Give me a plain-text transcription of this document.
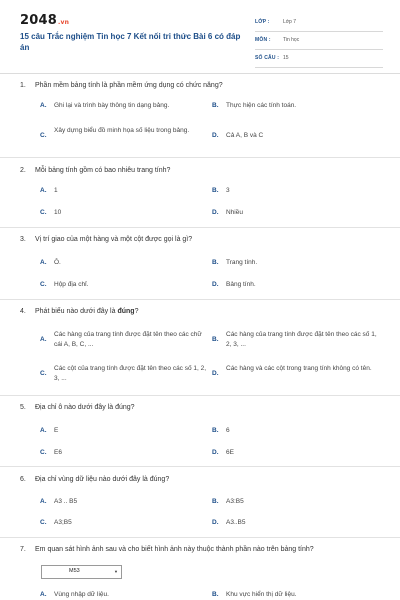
2048.vn
15 câu Trắc nghiệm Tin học 7 Kết nối tri thức Bài 6 có đáp án
LỚP :	Lớp 7
MÔN : Tin học
SỐ CÂU : 15
1. Phần mềm bảng tính là phần mềm ứng dụng có chức năng?
A. Ghi lại và trình bày thông tin dạng bảng.	B. Thực hiện các tính toán.
C.
Xây dựng biểu đồ minh họa số liệu trong bảng.
D. Cả A, B và C
2. Mỗi bảng tính gồm có bao nhiêu trang tính?
A. 1	B. 3
C. 10	D. Nhiều
3. Vị trí giao của một hàng và một cột được gọi là gì?
A. Ô.	B. Trang tính.
C. Hộp địa chỉ.	D. Bảng tính.
4. Phát biểu nào dưới đây là đúng?
A.
Các hàng của trang tính được đặt tên theo các chữ cái A, B, C, ...
B.
Các hàng của trang tính được đặt tên theo các số 1, 2, 3, ...
C.
Các cột của trang tính được đặt tên theo các số 1, 2, 3, ...
D.
Các hàng và các cột trong trang tính không có tên.
5. Địa chỉ ô nào dưới đây là đúng?
A. E	B. 6
C. E6	D. 6E
6. Địa chỉ vùng dữ liệu nào dưới đây là đúng?
A. A3 .. B5	B. A3:B5
C. A3;B5	D. A3..B5
7. Em quan sát hình ảnh sau và cho biết hình ảnh này thuộc thành phần nào trên bảng tính?
M53	▼
A. Vùng nhập dữ liệu.	B. Khu vực hiển thị dữ liệu.
